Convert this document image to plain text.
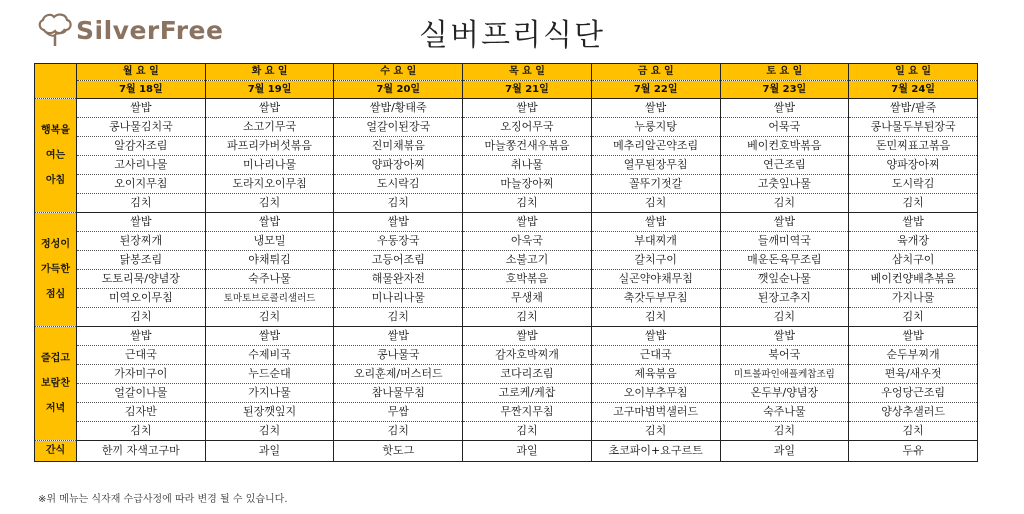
SilverFree	실버프리식단
	월 요 일	화 요 일	수 요 일	목 요 일	금 요 일	토 요 일	일 요 일
	7월 18일	7월 19일	7월 20일	7월 21일	7월 22일	7월 23일	7월 24일

행복을
여는
아침	쌀밥	쌀밥	쌀밥/황태죽	쌀밥	쌀밥	쌀밥	쌀밥/팥죽
	콩나물김치국	소고기무국	얼갈이된장국	오징어무국	누룽지탕	어묵국	콩나물두부된장국
	알감자조림	파프리카버섯볶음	진미채볶음	마늘쫑건새우볶음	메추리알곤약조림	베이컨호박볶음	돈민찌표고볶음
	고사리나물	미나리나물	양파장아찌	취나물	열무된장무침	연근조림	양파장아찌
	오이지무침	도라지오이무침	도시락김	마늘장아찌	꼴뚜기젓갈	고춧잎나물	도시락김
	김치	김치	김치	김치	김치	김치	김치

정성이
가득한
점심	쌀밥	쌀밥	쌀밥	쌀밥	쌀밥	쌀밥	쌀밥
	된장찌개	냉모밀	우동장국	아욱국	부대찌개	들깨미역국	육개장
	닭봉조림	야채튀김	고등어조림	소불고기	갈치구이	매운돈육무조림	삼치구이
	도토리묵/양념장	숙주나물	해물완자전	호박볶음	실곤약야채무침	깻잎순나물	베이컨양배추볶음
	미역오이무침	토마토브로콜리샐러드	미나리나물	무생채	축갓두부무침	된장고추지	가지나물
	김치	김치	김치	김치	김치	김치	김치

즐겁고
보람찬
저녁	쌀밥	쌀밥	쌀밥	쌀밥	쌀밥	쌀밥	쌀밥
	근대국	수제비국	콩나물국	감자호박찌개	근대국	북어국	순두부찌개
	가자미구이	누드순대	오리훈제/머스터드	코다리조림	제육볶음	미트볼파인애플케찹조림	편육/새우젓
	얼갈이나물	가지나물	참나물무침	고로케/케찹	오이부추무침	온두부/양념장	우엉당근조림
	김자반	된장깻잎지	무쌈	무짠지무침	고구마범벅샐러드	숙주나물	양상추샐러드
	김치	김치	김치	김치	김치	김치	김치
간식	한끼 자색고구마	과일	핫도그	과일	초코파이+요구르트	과일	두유
※위 메뉴는 식자재 수급사정에 따라 변경 될 수 있습니다.
